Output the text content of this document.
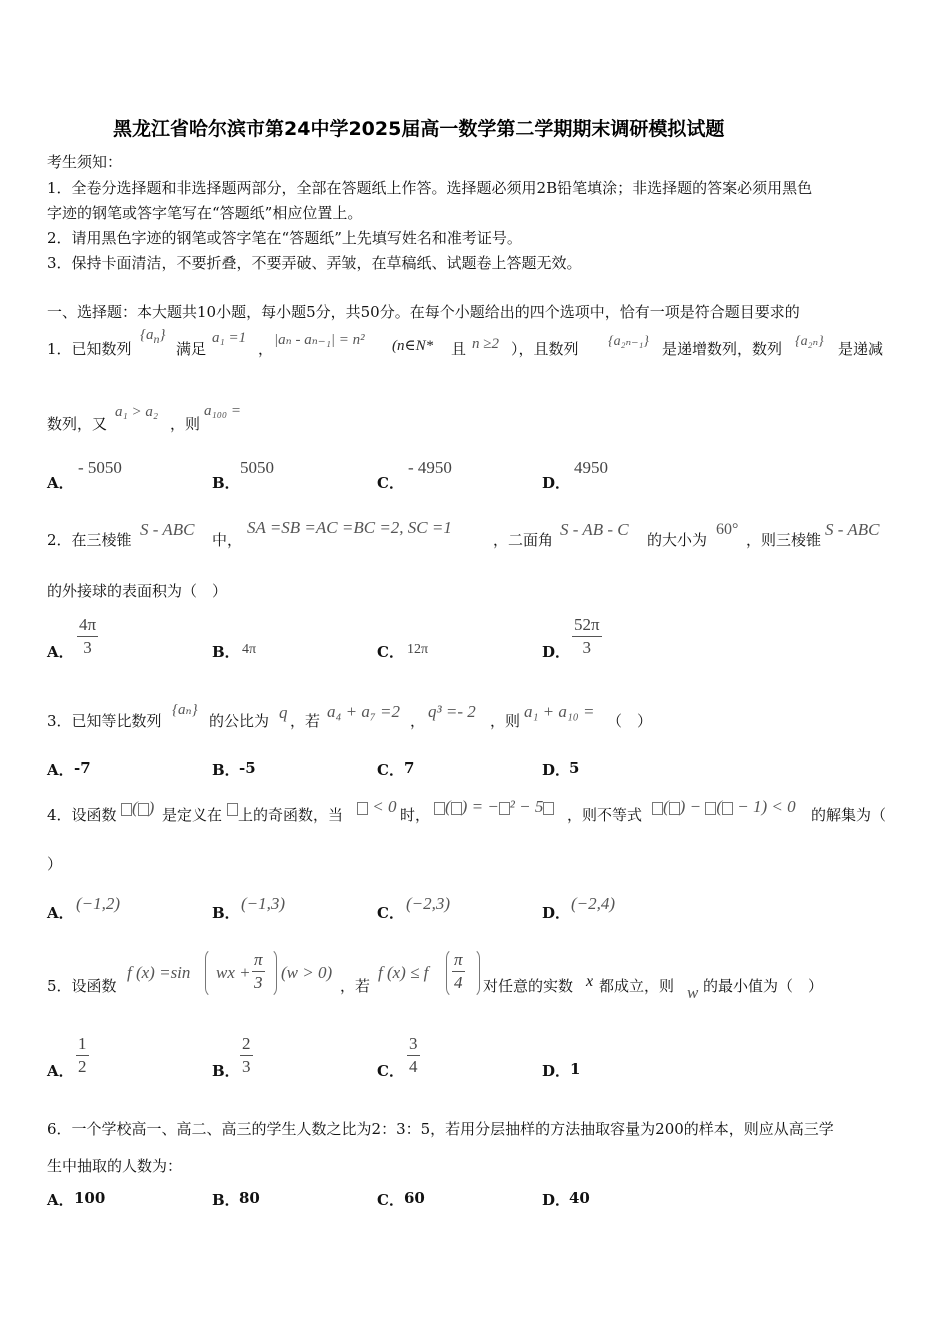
黑龙江省哈尔滨市第24中学2025届高一数学第二学期期末调研模拟试题
考生须知：
1．全卷分选择题和非选择题两部分，全部在答题纸上作答。选择题必须用2B铅笔填涂；非选择题的答案必须用黑色
字迹的钢笔或答字笔写在“答题纸”相应位置上。
2．请用黑色字迹的钢笔或答字笔在“答题纸”上先填写姓名和准考证号。
3．保持卡面清洁，不要折叠，不要弄破、弄皱，在草稿纸、试题卷上答题无效。
一、选择题：本大题共10小题，每小题5分，共50分。在每个小题给出的四个选项中，恰有一项是符合题目要求的
1．已知数列
$\{a_n\}$
满足
a₁ =1
， |aₙ - aₙ₋₁| = n² (n∈N* 且 n ≥2 ），且数列 {a₂ₙ₋₁} 是递增数列，数列 {a₂ₙ} 是递减
数列，又
a₁ > a₂
，则
a₁₀₀ =
A．
- 5050
B．
5050
C．
- 4950
D．
4950
2．在三棱锥
S - ABC
中，
SA =SB =AC =BC =2, SC =1
，二面角
S - AB - C
的大小为
60°
，则三棱锥
S - ABC
的外接球的表面积为（　）
A．
4π
3	B． 4π	C． 12π	D．
52π
3
3．已知等比数列
{aₙ}
的公比为 q ，若 a₄ + a₇ =2 ， q³ =- 2 ，则 a₁ + a₁₀ = （　）
A． -7	B． -5	C． 7	D．
5
4．设函数 ( ) 是定义在 上的奇函数，当	< 0 时， ( ) = − ² − 5	，则不等式	( ) − ( − 1) < 0 的解集为（
）
A． (−1,2)	B． (−1,3)	C． (−2,3)	D． (−2,4)
5．设函数
f (x) =sin wx +
π
3
(w > 0)
，若
f (x) ≤ f
π
4 对任意的实数 x 都成立，则 w 的最小值为（　）
A．
1
2	B．
2
3	C．
3
4	D． 1
6．一个学校高一、高二、高三的学生人数之比为2：3：5，若用分层抽样的方法抽取容量为200的样本，则应从高三学
生中抽取的人数为：
A． 100	B． 80	C． 60	D．
40
